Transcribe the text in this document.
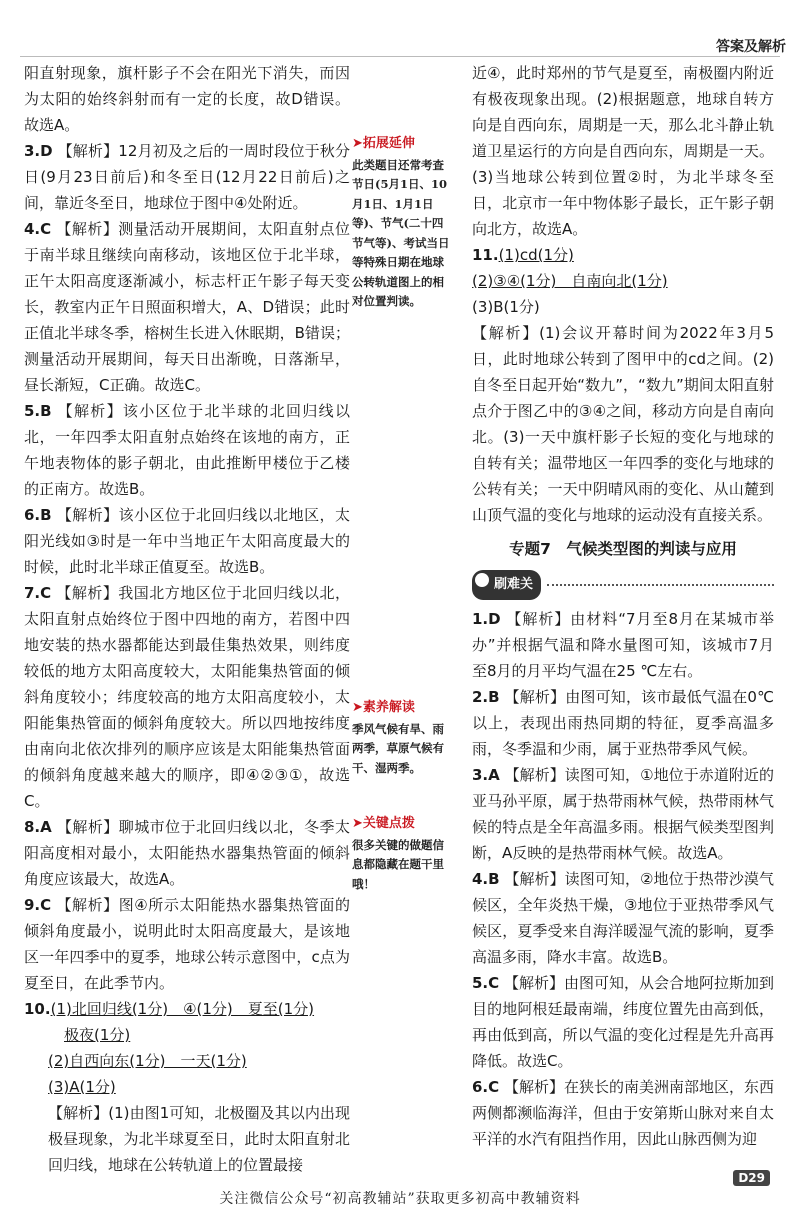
答案及解析

阳直射现象，旗杆影子不会在阳光下消失，而因为太阳的始终斜射而有一定的长度，故D错误。故选A。

3.D 【解析】12月初及之后的一周时段位于秋分日(9月23日前后)和冬至日(12月22日前后)之间，靠近冬至日，地球位于图中④处附近。

4.C 【解析】测量活动开展期间，太阳直射点位于南半球且继续向南移动，该地区位于北半球，正午太阳高度逐渐减小，标志杆正午影子每天变长，教室内正午日照面积增大，A、D错误；此时正值北半球冬季，榕树生长进入休眠期，B错误；测量活动开展期间，每天日出渐晚，日落渐早，昼长渐短，C正确。故选C。

5.B 【解析】该小区位于北半球的北回归线以北，一年四季太阳直射点始终在该地的南方，正午地表物体的影子朝北，由此推断甲楼位于乙楼的正南方。故选B。

6.B 【解析】该小区位于北回归线以北地区，太阳光线如③时是一年中当地正午太阳高度最大的时候，此时北半球正值夏至。故选B。

7.C 【解析】我国北方地区位于北回归线以北，太阳直射点始终位于图中四地的南方，若图中四地安装的热水器都能达到最佳集热效果，则纬度较低的地方太阳高度较大，太阳能集热管面的倾斜角度较小；纬度较高的地方太阳高度较小，太阳能集热管面的倾斜角度较大。所以四地按纬度由南向北依次排列的顺序应该是太阳能集热管面的倾斜角度越来越大的顺序，即④②③①，故选C。

8.A 【解析】聊城市位于北回归线以北，冬季太阳高度相对最小，太阳能热水器集热管面的倾斜角度应该最大，故选A。

9.C 【解析】图④所示太阳能热水器集热管面的倾斜角度最小，说明此时太阳高度最大，是该地区一年四季中的夏季，地球公转示意图中，c点为夏至日，在此季节内。

10.(1)北回归线(1分)　④(1分)　夏至(1分)

极夜(1分)

(2)自西向东(1分)　一天(1分)

(3)A(1分)

【解析】(1)由图1可知，北极圈及其以内出现极昼现象，为北半球夏至日，此时太阳直射北回归线，地球在公转轨道上的位置最接

➤拓展延伸
此类题目还常考查节日(5月1日、10月1日、1月1日等)、节气(二十四节气等)、考试当日等特殊日期在地球公转轨道图上的相对位置判读。
➤素养解读
季风气候有旱、雨两季，草原气候有干、湿两季。
➤关键点拨
很多关键的做题信息都隐藏在题干里哦！

近④，此时郑州的节气是夏至，南极圈内附近有极夜现象出现。(2)根据题意，地球自转方向是自西向东，周期是一天，那么北斗静止轨道卫星运行的方向是自西向东，周期是一天。(3)当地球公转到位置②时，为北半球冬至日，北京市一年中物体影子最长，正午影子朝向北方，故选A。

11.(1)cd(1分)

(2)③④(1分)　自南向北(1分)

(3)B(1分)

【解析】(1)会议开幕时间为2022年3月5日，此时地球公转到了图甲中的cd之间。(2)自冬至日起开始“数九”，“数九”期间太阳直射点介于图乙中的③④之间，移动方向是自南向北。(3)一天中旗杆影子长短的变化与地球的自转有关；温带地区一年四季的变化与地球的公转有关；一天中阴晴风雨的变化、从山麓到山顶气温的变化与地球的运动没有直接关系。

专题7　气候类型图的判读与应用
刷难关

1.D 【解析】由材料“7月至8月在某城市举办”并根据气温和降水量图可知，该城市7月至8月的月平均气温在25 ℃左右。

2.B 【解析】由图可知，该市最低气温在0℃以上，表现出雨热同期的特征，夏季高温多雨，冬季温和少雨，属于亚热带季风气候。

3.A 【解析】读图可知，①地位于赤道附近的亚马孙平原，属于热带雨林气候，热带雨林气候的特点是全年高温多雨。根据气候类型图判断，A反映的是热带雨林气候。故选A。

4.B 【解析】读图可知，②地位于热带沙漠气候区，全年炎热干燥，③地位于亚热带季风气候区，夏季受来自海洋暖湿气流的影响，夏季高温多雨，降水丰富。故选B。

5.C 【解析】由图可知，从会合地阿拉斯加到目的地阿根廷最南端，纬度位置先由高到低，再由低到高，所以气温的变化过程是先升高再降低。故选C。

6.C 【解析】在狭长的南美洲南部地区，东西两侧都濒临海洋，但由于安第斯山脉对来自太平洋的水汽有阻挡作用，因此山脉西侧为迎

D29
关注微信公众号“初高教辅站”获取更多初高中教辅资料
